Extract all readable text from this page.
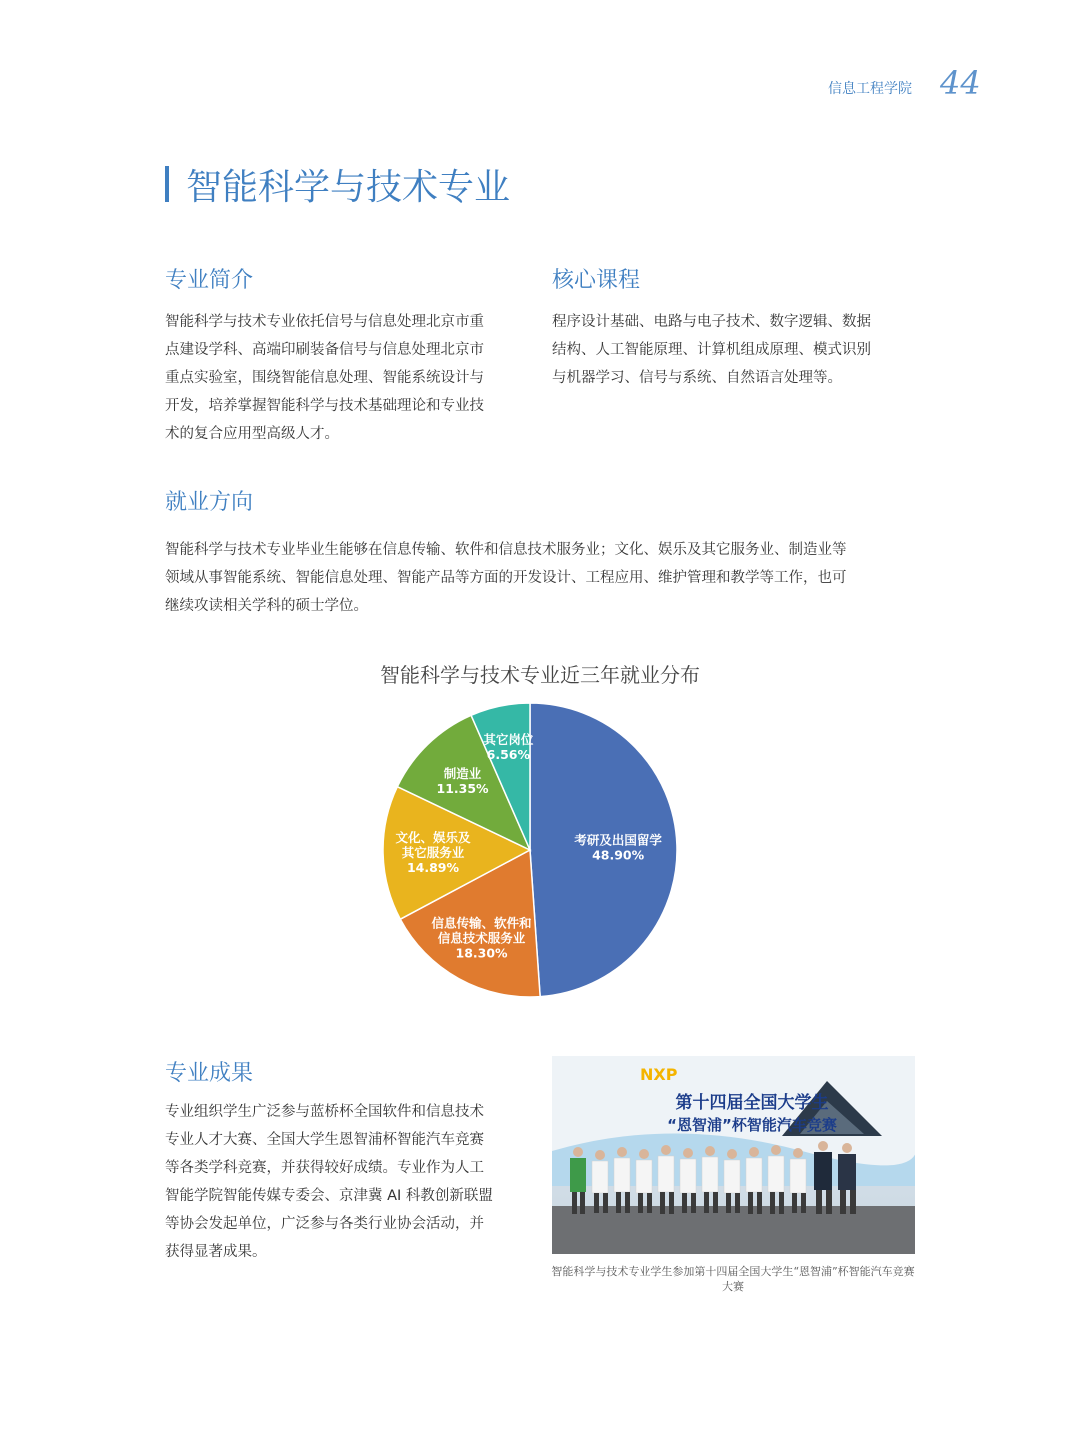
信息工程学院 44
智能科学与技术专业
专业简介
智能科学与技术专业依托信号与信息处理北京市重
点建设学科、高端印刷装备信号与信息处理北京市
重点实验室，围绕智能信息处理、智能系统设计与
开发，培养掌握智能科学与技术基础理论和专业技
术的复合应用型高级人才。
核心课程
程序设计基础、电路与电子技术、数字逻辑、数据
结构、人工智能原理、计算机组成原理、模式识别
与机器学习、信号与系统、自然语言处理等。
就业方向
智能科学与技术专业毕业生能够在信息传输、软件和信息技术服务业；文化、娱乐及其它服务业、制造业等
领域从事智能系统、智能信息处理、智能产品等方面的开发设计、工程应用、维护管理和教学等工作，也可
继续攻读相关学科的硕士学位。
智能科学与技术专业近三年就业分布
考研及出国留学
48.90%
信息传输、软件和
信息技术服务业
18.30%
文化、娱乐及
其它服务业
14.89%
制造业
11.35%
其它岗位
6.56%
专业成果
专业组织学生广泛参与蓝桥杯全国软件和信息技术
专业人才大赛、全国大学生恩智浦杯智能汽车竞赛
等各类学科竞赛，并获得较好成绩。专业作为人工
智能学院智能传媒专委会、京津冀 AI 科教创新联盟
等协会发起单位，广泛参与各类行业协会活动，并
获得显著成果。
NXP
第十四届全国大学生
“恩智浦”杯智能汽车竞赛
智能科学与技术专业学生参加第十四届全国大学生“恩智浦”杯智能汽车竞赛大赛
